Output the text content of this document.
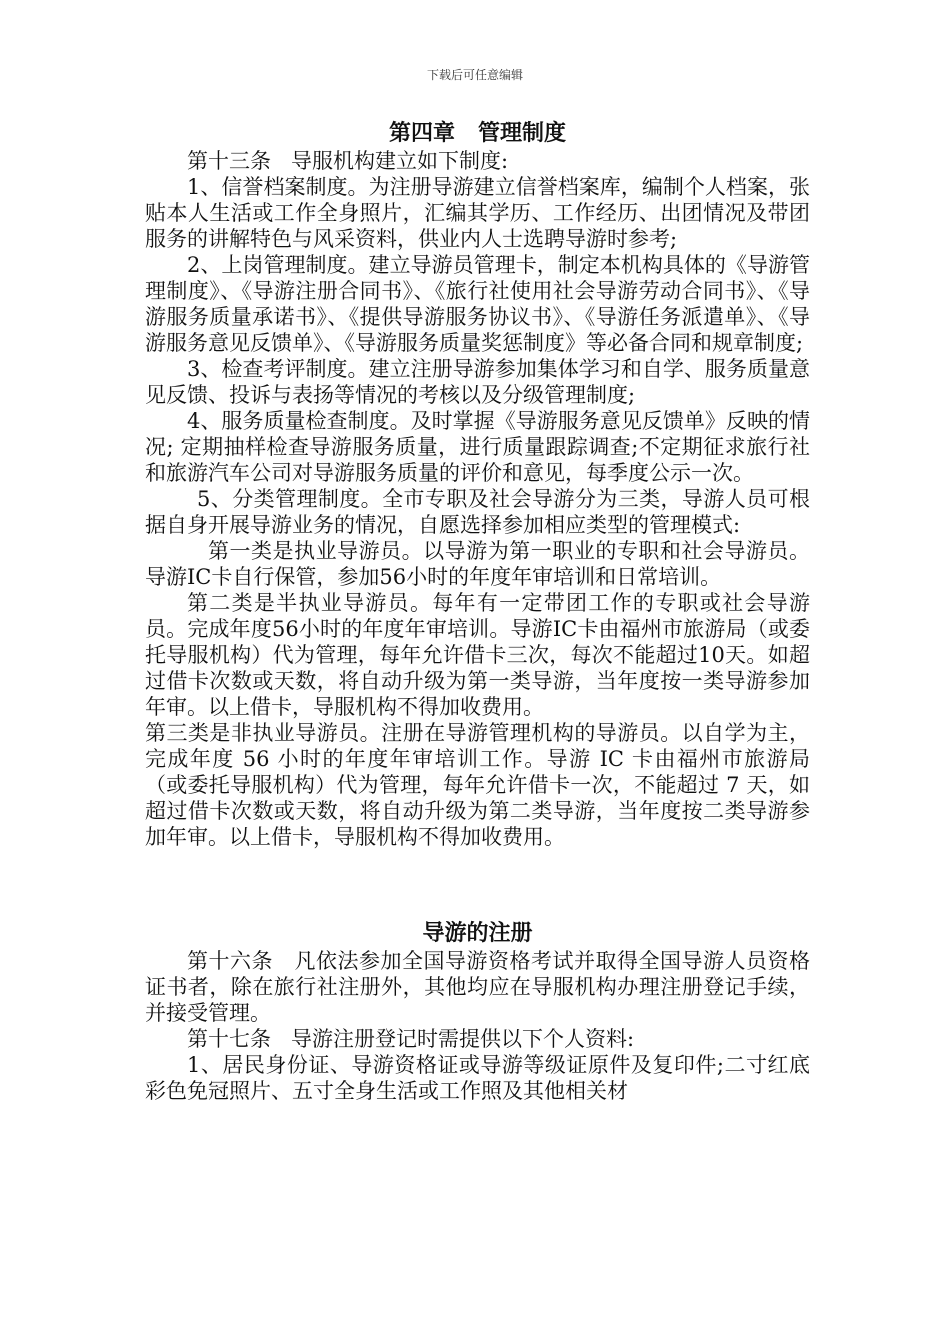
下载后可任意编辑
第四章   管理制度

第十三条   导服机构建立如下制度:

1、信誉档案制度。为注册导游建立信誉档案库，编制个人档案，张贴本人生活或工作全身照片，汇编其学历、工作经历、出团情况及带团服务的讲解特色与风采资料，供业内人士选聘导游时参考;

2、上岗管理制度。建立导游员管理卡，制定本机构具体的《导游管理制度》、《导游注册合同书》、《旅行社使用社会导游劳动合同书》、《导游服务质量承诺书》、《提供导游服务协议书》、《导游任务派遣单》、《导游服务意见反馈单》、《导游服务质量奖惩制度》等必备合同和规章制度;

3、检查考评制度。建立注册导游参加集体学习和自学、服务质量意见反馈、投诉与表扬等情况的考核以及分级管理制度;

4、服务质量检查制度。及时掌握《导游服务意见反馈单》反映的情况; 定期抽样检查导游服务质量，进行质量跟踪调查;不定期征求旅行社和旅游汽车公司对导游服务质量的评价和意见，每季度公示一次。

5、分类管理制度。全市专职及社会导游分为三类，导游人员可根据自身开展导游业务的情况，自愿选择参加相应类型的管理模式:

第一类是执业导游员。以导游为第一职业的专职和社会导游员。导游IC卡自行保管，参加56小时的年度年审培训和日常培训。

第二类是半执业导游员。每年有一定带团工作的专职或社会导游员。完成年度56小时的年度年审培训。导游IC卡由福州市旅游局（或委托导服机构）代为管理，每年允许借卡三次，每次不能超过10天。如超过借卡次数或天数，将自动升级为第一类导游，当年度按一类导游参加年审。以上借卡，导服机构不得加收费用。

第三类是非执业导游员。注册在导游管理机构的导游员。以自学为主，完成年度 56 小时的年度年审培训工作。导游 IC 卡由福州市旅游局（或委托导服机构）代为管理，每年允许借卡一次，不能超过 7 天，如超过借卡次数或天数，将自动升级为第二类导游，当年度按二类导游参加年审。以上借卡，导服机构不得加收费用。

导游的注册

第十六条   凡依法参加全国导游资格考试并取得全国导游人员资格证书者，除在旅行社注册外，其他均应在导服机构办理注册登记手续，并接受管理。

第十七条   导游注册登记时需提供以下个人资料:

1、居民身份证、导游资格证或导游等级证原件及复印件;二寸红底彩色免冠照片、五寸全身生活或工作照及其他相关材
